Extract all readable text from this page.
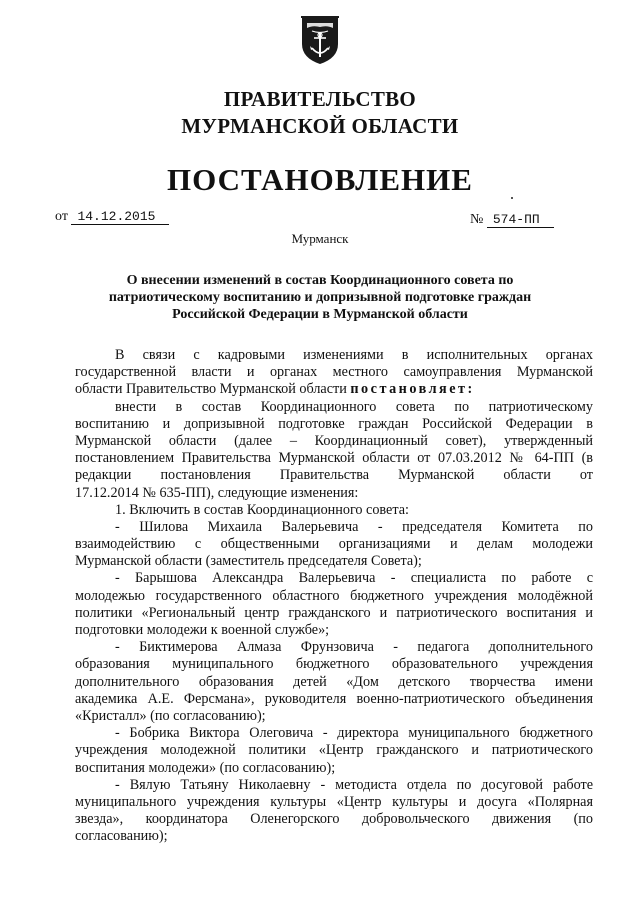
ПРАВИТЕЛЬСТВО
МУРМАНСКОЙ ОБЛАСТИ
ПОСТАНОВЛЕНИЕ
от 14.12.2015	№ 574-ПП
Мурманск
О внесении изменений в состав Координационного совета по
патриотическому воспитанию и допризывной подготовке граждан
Российской Федерации в Мурманской области
В связи с кадровыми изменениями в исполнительных органах
государственной власти и органах местного самоуправления Мурманской
области Правительство Мурманской области постановляет:
внести в состав Координационного совета по патриотическому
воспитанию и допризывной подготовке граждан Российской Федерации в
Мурманской области (далее – Координационный совет), утвержденный
постановлением Правительства Мурманской области от 07.03.2012 № 64-ПП (в
редакции постановления Правительства Мурманской области от
17.12.2014 № 635-ПП), следующие изменения:
1. Включить в состав Координационного совета:
- Шилова Михаила Валерьевича - председателя Комитета по
взаимодействию с общественными организациями и делам молодежи
Мурманской области (заместитель председателя Совета);
- Барышова Александра Валерьевича - специалиста по работе с
молодежью государственного областного бюджетного учреждения молодёжной
политики «Региональный центр гражданского и патриотического воспитания и
подготовки молодежи к военной службе»;
- Биктимерова Алмаза Фрунзовича - педагога дополнительного
образования муниципального бюджетного образовательного учреждения
дополнительного образования детей «Дом детского творчества имени
академика А.Е. Ферсмана», руководителя военно-патриотического объединения
«Кристалл» (по согласованию);
- Бобрика Виктора Олеговича - директора муниципального бюджетного
учреждения молодежной политики «Центр гражданского и патриотического
воспитания молодежи» (по согласованию);
- Вялую Татьяну Николаевну - методиста отдела по досуговой работе
муниципального учреждения культуры «Центр культуры и досуга «Полярная
звезда», координатора Оленегорского добровольческого движения (по
согласованию);
